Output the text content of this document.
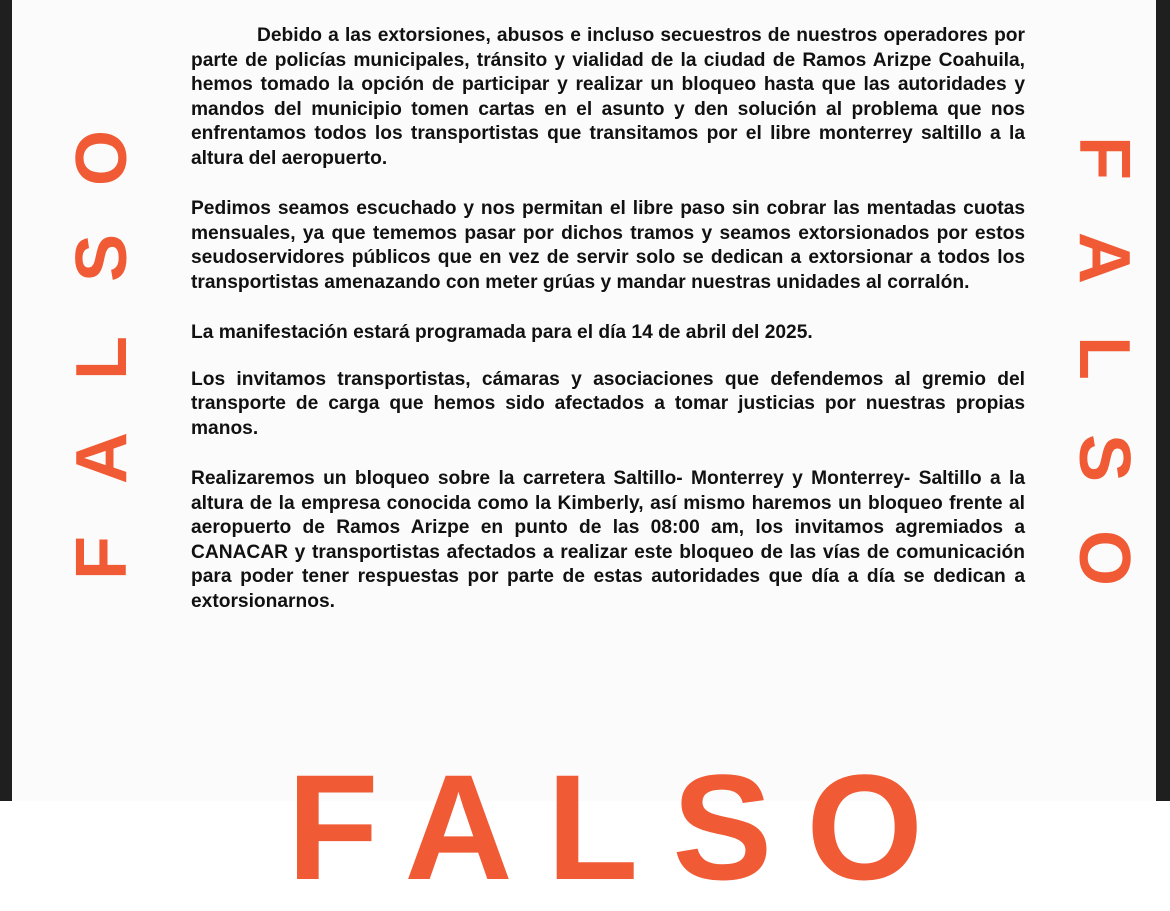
F
A
L
S
O	F
A
L
S
O

Debido a las extorsiones, abusos e incluso secuestros de nuestros operadores por parte de policías municipales, tránsito y vialidad de la ciudad de Ramos Arizpe Coahuila, hemos tomado la opción de participar y realizar un bloqueo hasta que las autoridades y mandos del municipio tomen cartas en el asunto y den solución al problema que nos enfrentamos todos los transportistas que transitamos por el libre monterrey saltillo a la altura del aeropuerto.

Pedimos seamos escuchado y nos permitan el libre paso sin cobrar las mentadas cuotas mensuales, ya que tememos pasar por dichos tramos y seamos extorsionados por estos seudoservidores públicos que en vez de servir solo se dedican a extorsionar a todos los transportistas amenazando con meter grúas y mandar nuestras unidades al corralón.

La manifestación estará programada para el día 14 de abril del 2025.

Los invitamos transportistas, cámaras y asociaciones que defendemos al gremio del transporte de carga que hemos sido afectados a tomar justicias por nuestras propias manos.

Realizaremos un bloqueo sobre la carretera Saltillo- Monterrey y Monterrey- Saltillo a la altura de la empresa conocida como la Kimberly, así mismo haremos un bloqueo frente al aeropuerto de Ramos Arizpe en punto de las 08:00 am, los invitamos agremiados a CANACAR y transportistas afectados a realizar este bloqueo de las vías de comunicación para poder tener respuestas por parte de estas autoridades que día a día se dedican a extorsionarnos.

FALSO
